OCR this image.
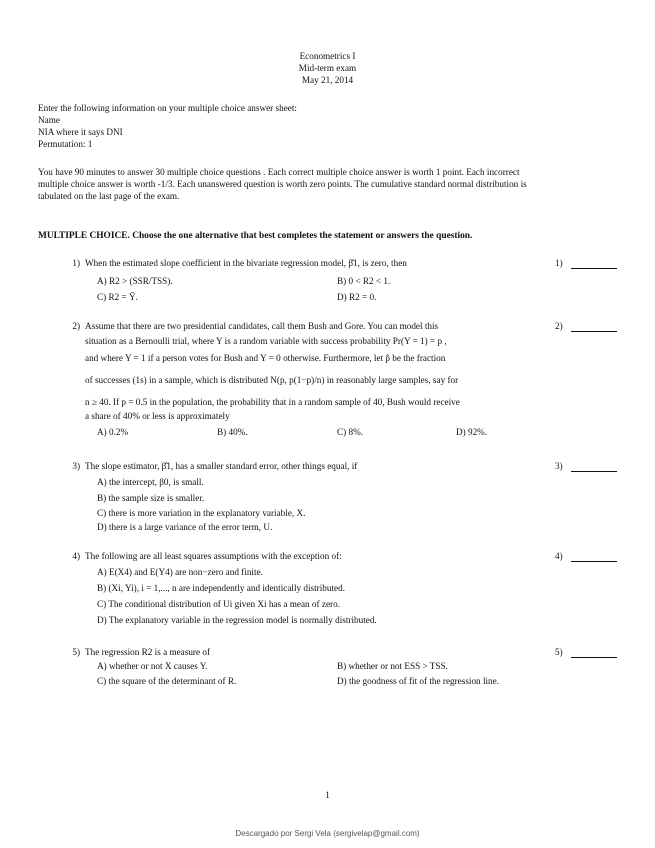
Econometrics I
Mid-term exam
May 21, 2014
Enter the following information on your multiple choice answer sheet:
Name
NIA where it says DNI
Permutation: 1
You have 90 minutes to answer 30 multiple choice questions . Each correct multiple choice answer is worth 1 point. Each incorrect
multiple choice answer is worth -1/3. Each unanswered question is worth zero points. The cumulative standard normal distribution is
tabulated on the last page of the exam.
MULTIPLE CHOICE. Choose the one alternative that best completes the statement or answers the question.
1) When the estimated slope coefficient in the bivariate regression model, β̂1, is zero, then	1)
A) R2 > (SSR/TSS).	B) 0 < R2 < 1.
C) R2 = Ȳ.	D) R2 = 0.
2) Assume that there are two presidential candidates, call them Bush and Gore. You can model this
situation as a Bernoulli trial, where Y is a random variable with success probability Pr(Y = 1) = p ,
and where Y = 1 if a person votes for Bush and Y = 0 otherwise. Furthermore, let p̂ be the fraction
of successes (1s) in a sample, which is distributed N(p, p(1−p)/n) in reasonably large samples, say for
n ≥ 40. If p = 0.5 in the population, the probability that in a random sample of 40, Bush would receive
a share of 40% or less is approximately
2)
A) 0.2%	B) 40%.	C) 8%.	D) 92%.
3) The slope estimator, β̂1, has a smaller standard error, other things equal, if	3)
A) the intercept, β0, is small.
B) the sample size is smaller.
C) there is more variation in the explanatory variable, X.
D) there is a large variance of the error term, U.
4) The following are all least squares assumptions with the exception of:	4)
A) E(X4) and E(Y4) are non−zero and finite.
B) (Xi, Yi), i = 1,..., n are independently and identically distributed.
C) The conditional distribution of Ui given Xi has a mean of zero.
D) The explanatory variable in the regression model is normally distributed.
5) The regression R2 is a measure of	5)
A) whether or not X causes Y.	B) whether or not ESS > TSS.
C) the square of the determinant of R.	D) the goodness of fit of the regression line.
1
Descargado por Sergi Vela (sergivelap@gmail.com)
